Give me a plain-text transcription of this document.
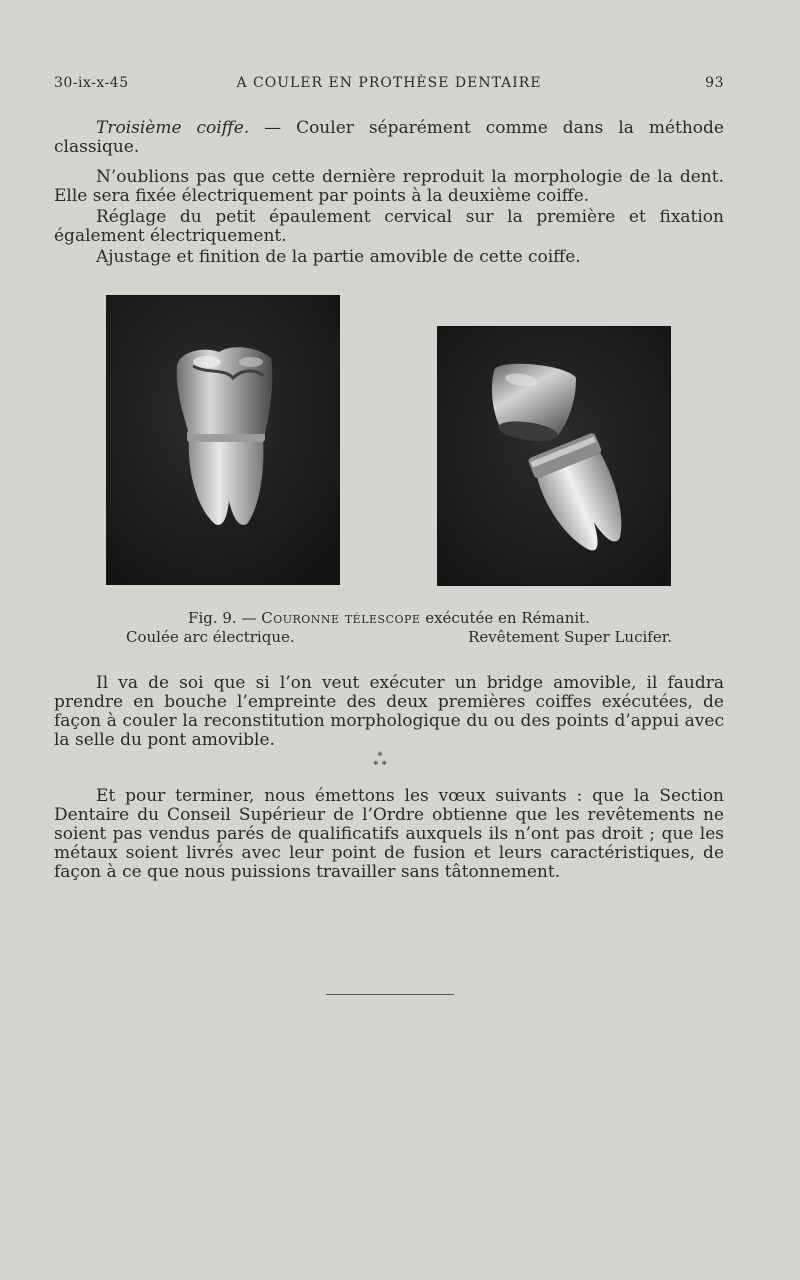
30-ix-x-45	A COULER EN PROTHÈSE DENTAIRE	93

Troisième coiffe. — Couler séparément comme dans la méthode classique.

N’oublions pas que cette dernière reproduit la morphologie de la dent. Elle sera fixée électriquement par points à la deuxième coiffe.

Réglage du petit épaulement cervical sur la première et fixation également électriquement.

Ajustage et finition de la partie amovible de cette coiffe.

Fig. 9. — Couronne télescope exécutée en Rémanit.
Coulée arc électrique.	Revêtement Super Lucifer.

Il va de soi que si l’on veut exécuter un bridge amovible, il faudra prendre en bouche l’empreinte des deux premières coiffes exécutées, de façon à couler la reconstitution morphologique du ou des points d’appui avec la selle du pont amovible.

*
* *

Et pour terminer, nous émettons les vœux suivants : que la Section Dentaire du Conseil Supérieur de l’Ordre obtienne que les revêtements ne soient pas vendus parés de qualificatifs auxquels ils n’ont pas droit ; que les métaux soient livrés avec leur point de fusion et leurs caractéristiques, de façon à ce que nous puissions travailler sans tâtonnement.
